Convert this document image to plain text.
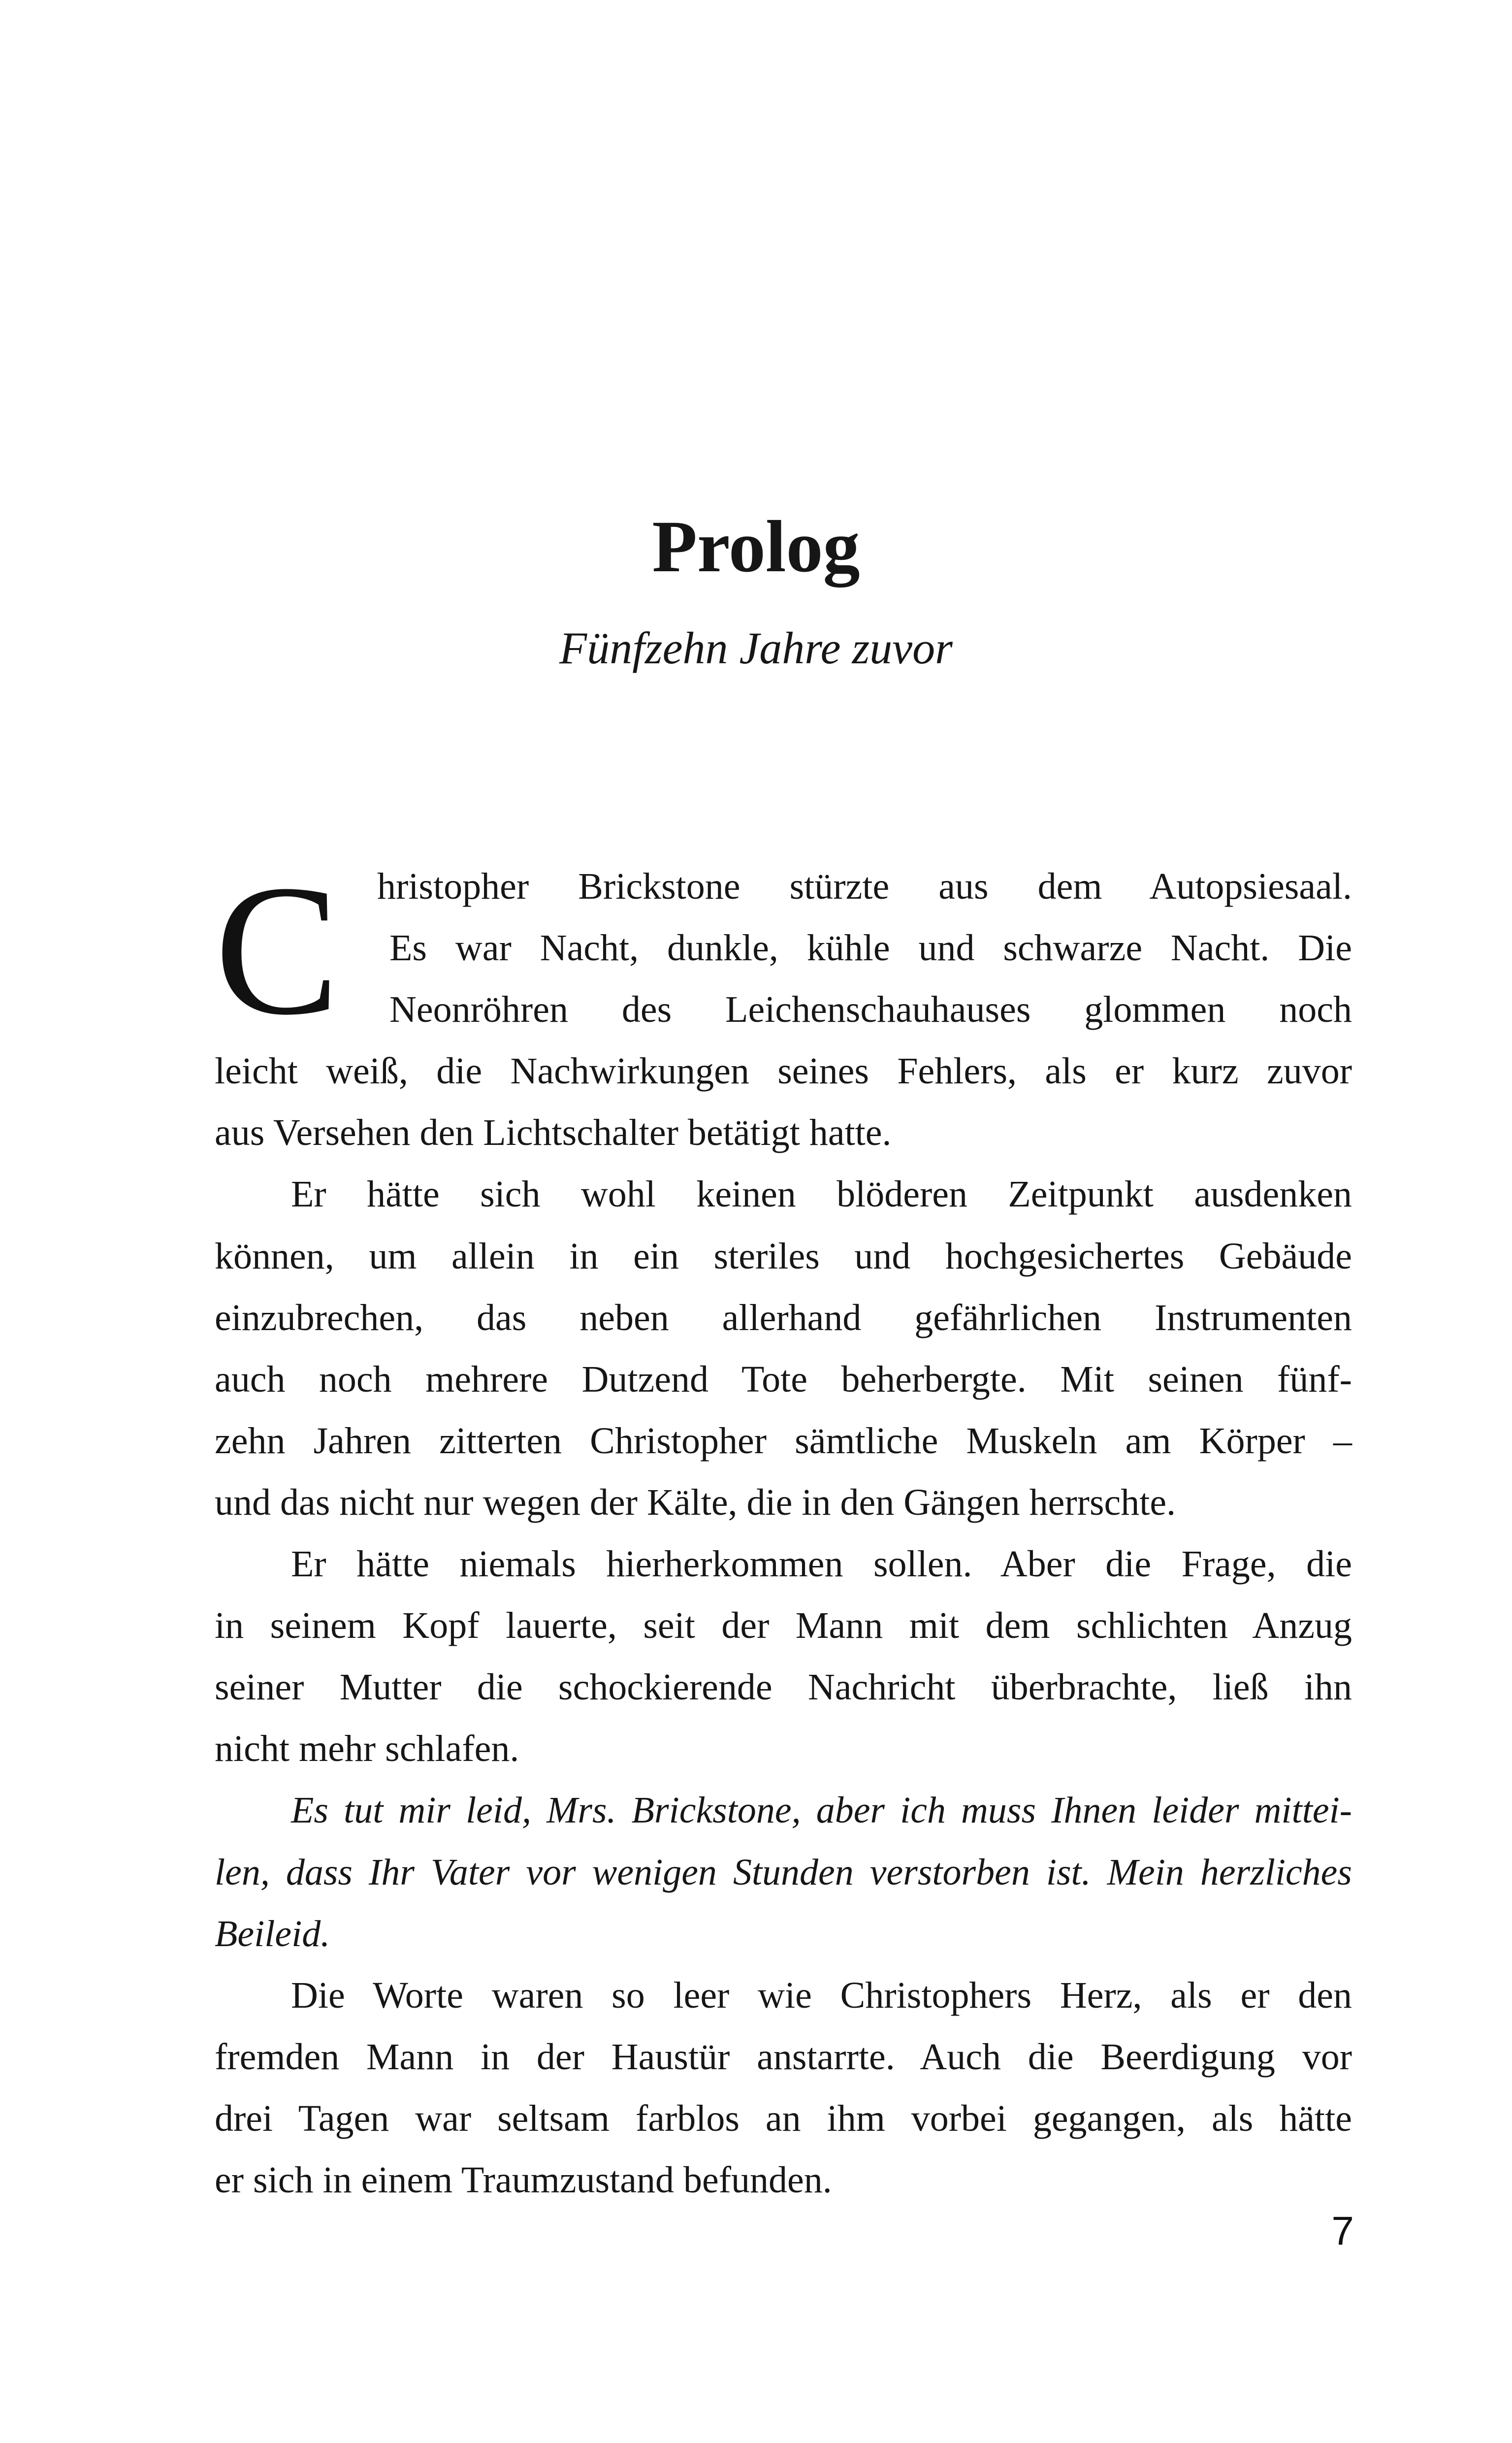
Prolog
Fünfzehn Jahre zuvor
C	hristopher Brickstone stürzte aus dem Autopsiesaal.
Es war Nacht, dunkle, kühle und schwarze Nacht. Die
Neonröhren des Leichenschauhauses glommen noch
leicht weiß, die Nachwirkungen seines Fehlers, als er kurz zuvor
aus Versehen den Lichtschalter betätigt hatte.
Er hätte sich wohl keinen blöderen Zeitpunkt ausdenken
können, um allein in ein steriles und hochgesichertes Gebäude
einzubrechen, das neben allerhand gefährlichen Instrumenten
auch noch mehrere Dutzend Tote beherbergte. Mit seinen fünf-
zehn Jahren zitterten Christopher sämtliche Muskeln am Körper –
und das nicht nur wegen der Kälte, die in den Gängen herrschte.
Er hätte niemals hierherkommen sollen. Aber die Frage, die
in seinem Kopf lauerte, seit der Mann mit dem schlichten Anzug
seiner Mutter die schockierende Nachricht überbrachte, ließ ihn
nicht mehr schlafen.
Es tut mir leid, Mrs. Brickstone, aber ich muss Ihnen leider mittei-
len, dass Ihr Vater vor wenigen Stunden verstorben ist. Mein herzliches
Beileid.
Die Worte waren so leer wie Christophers Herz, als er den
fremden Mann in der Haustür anstarrte. Auch die Beerdigung vor
drei Tagen war seltsam farblos an ihm vorbei gegangen, als hätte
er sich in einem Traumzustand befunden.
7
